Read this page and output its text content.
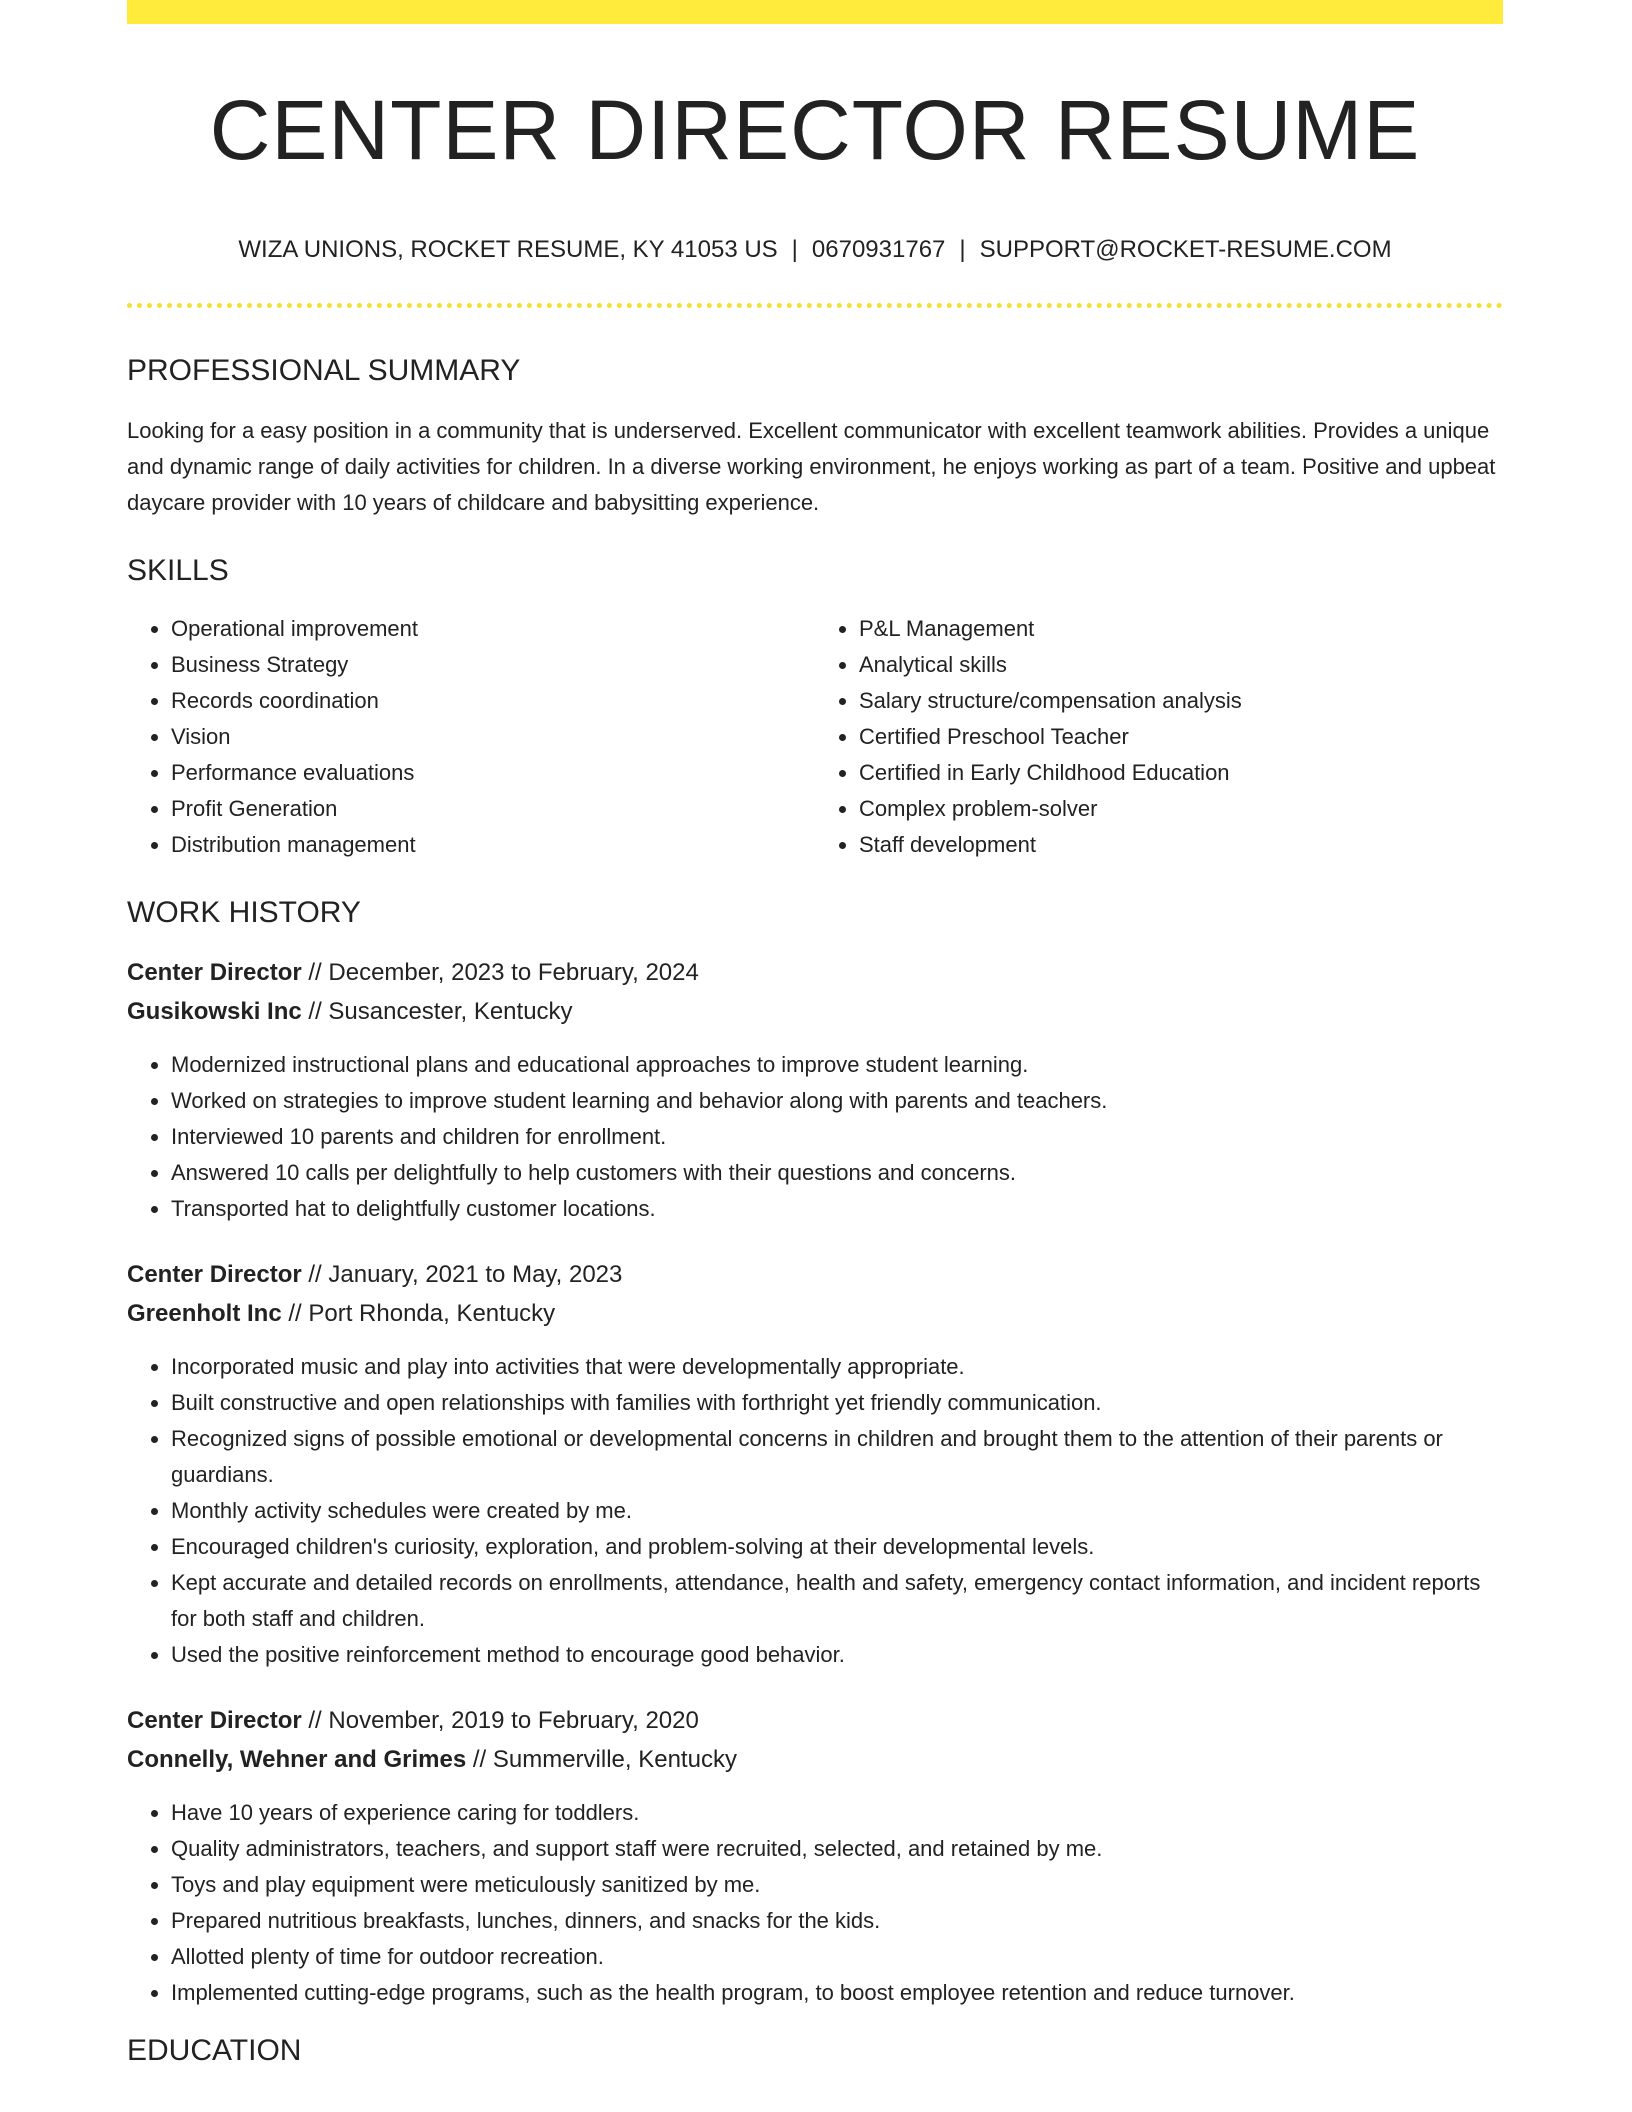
CENTER DIRECTOR RESUME
WIZA UNIONS, ROCKET RESUME, KY 41053 US | 0670931767 | SUPPORT@ROCKET-RESUME.COM
PROFESSIONAL SUMMARY

Looking for a easy position in a community that is underserved. Excellent communicator with excellent teamwork abilities. Provides a unique and dynamic range of daily activities for children. In a diverse working environment, he enjoys working as part of a team. Positive and upbeat daycare provider with 10 years of childcare and babysitting experience.

SKILLS
• Operational improvement
• Business Strategy
• Records coordination
• Vision
• Performance evaluations
• Profit Generation
• Distribution management
• P&L Management
• Analytical skills
• Salary structure/compensation analysis
• Certified Preschool Teacher
• Certified in Early Childhood Education
• Complex problem-solver
• Staff development
WORK HISTORY
Center Director // December, 2023 to February, 2024
Gusikowski Inc // Susancester, Kentucky
• Modernized instructional plans and educational approaches to improve student learning.
• Worked on strategies to improve student learning and behavior along with parents and teachers.
• Interviewed 10 parents and children for enrollment.
• Answered 10 calls per delightfully to help customers with their questions and concerns.
• Transported hat to delightfully customer locations.
Center Director // January, 2021 to May, 2023
Greenholt Inc // Port Rhonda, Kentucky
• Incorporated music and play into activities that were developmentally appropriate.
• Built constructive and open relationships with families with forthright yet friendly communication.
• Recognized signs of possible emotional or developmental concerns in children and brought them to the attention of their parents or guardians.
• Monthly activity schedules were created by me.
• Encouraged children's curiosity, exploration, and problem-solving at their developmental levels.
• Kept accurate and detailed records on enrollments, attendance, health and safety, emergency contact information, and incident reports for both staff and children.
• Used the positive reinforcement method to encourage good behavior.
Center Director // November, 2019 to February, 2020
Connelly, Wehner and Grimes // Summerville, Kentucky
• Have 10 years of experience caring for toddlers.
• Quality administrators, teachers, and support staff were recruited, selected, and retained by me.
• Toys and play equipment were meticulously sanitized by me.
• Prepared nutritious breakfasts, lunches, dinners, and snacks for the kids.
• Allotted plenty of time for outdoor recreation.
• Implemented cutting-edge programs, such as the health program, to boost employee retention and reduce turnover.
EDUCATION
